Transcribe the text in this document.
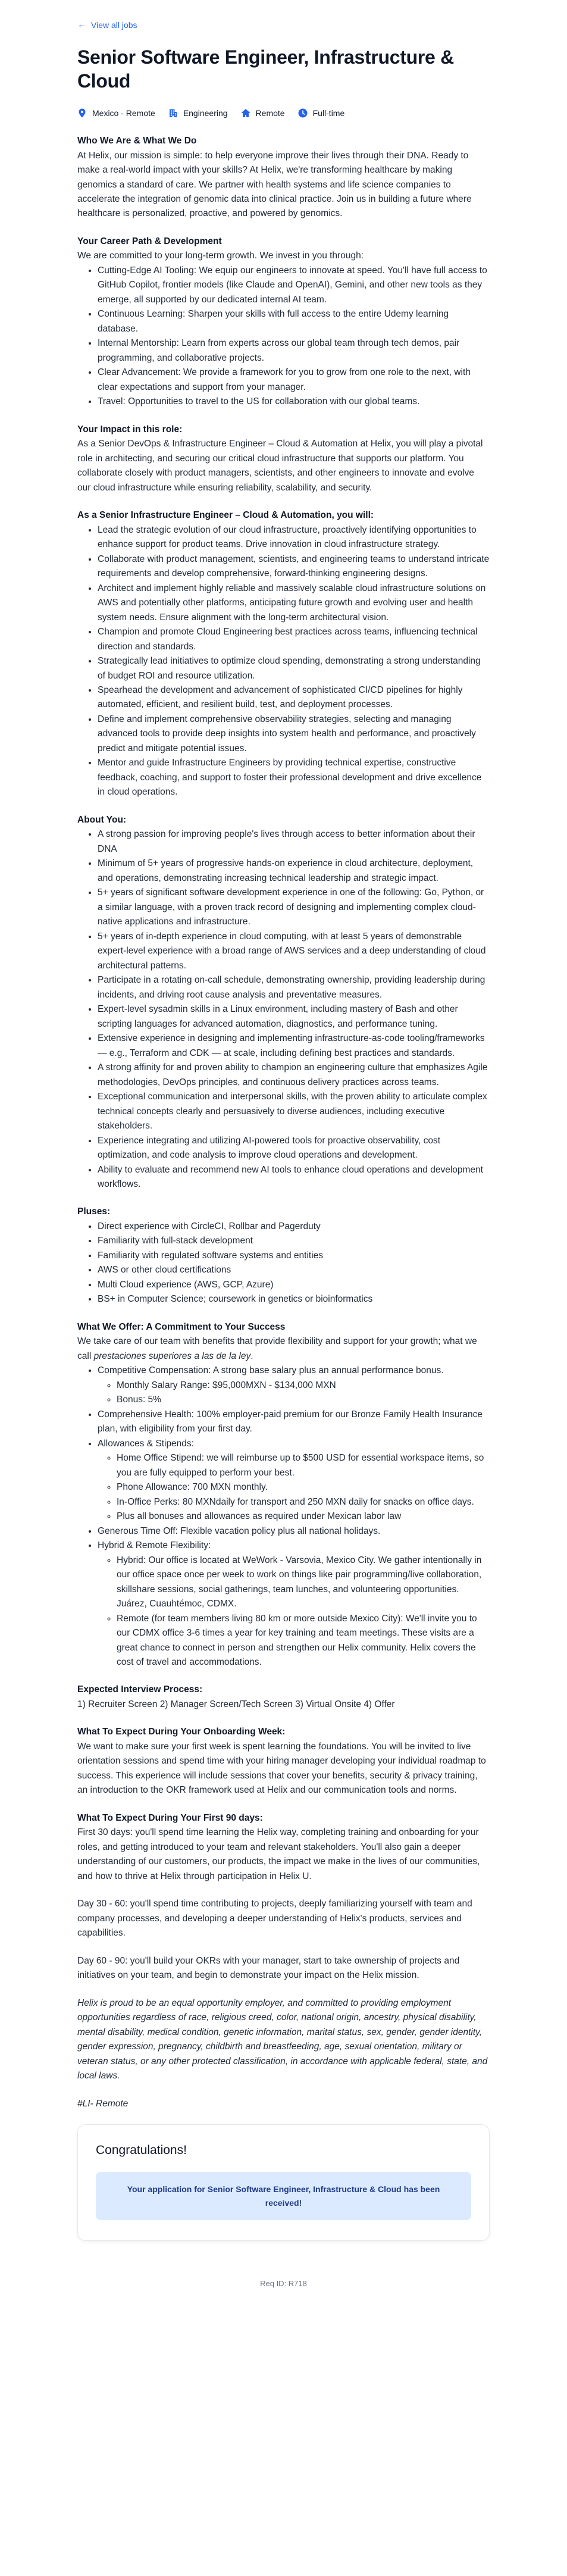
← View all jobs
Senior Software Engineer, Infrastructure & Cloud
Mexico - Remote	Engineering	Remote	Full-time
Who We Are & What We Do

At Helix, our mission is simple: to help everyone improve their lives through their DNA. Ready to make a real-world impact with your skills? At Helix, we're transforming healthcare by making genomics a standard of care. We partner with health systems and life science companies to accelerate the integration of genomic data into clinical practice. Join us in building a future where healthcare is personalized, proactive, and powered by genomics.

Your Career Path & Development

We are committed to your long-term growth. We invest in you through:

• Cutting-Edge AI Tooling: We equip our engineers to innovate at speed. You'll have full access to GitHub Copilot, frontier models (like Claude and OpenAI), Gemini, and other new tools as they emerge, all supported by our dedicated internal AI team.
• Continuous Learning: Sharpen your skills with full access to the entire Udemy learning database.
• Internal Mentorship: Learn from experts across our global team through tech demos, pair programming, and collaborative projects.
• Clear Advancement: We provide a framework for you to grow from one role to the next, with clear expectations and support from your manager.
• Travel: Opportunities to travel to the US for collaboration with our global teams.
Your Impact in this role:

As a Senior DevOps & Infrastructure Engineer – Cloud & Automation at Helix, you will play a pivotal role in architecting, and securing our critical cloud infrastructure that supports our platform. You collaborate closely with product managers, scientists, and other engineers to innovate and evolve our cloud infrastructure while ensuring reliability, scalability, and security.

As a Senior Infrastructure Engineer – Cloud & Automation, you will:
• Lead the strategic evolution of our cloud infrastructure, proactively identifying opportunities to enhance support for product teams. Drive innovation in cloud infrastructure strategy.
• Collaborate with product management, scientists, and engineering teams to understand intricate requirements and develop comprehensive, forward-thinking engineering designs.
• Architect and implement highly reliable and massively scalable cloud infrastructure solutions on AWS and potentially other platforms, anticipating future growth and evolving user and health system needs. Ensure alignment with the long-term architectural vision.
• Champion and promote Cloud Engineering best practices across teams, influencing technical direction and standards.
• Strategically lead initiatives to optimize cloud spending, demonstrating a strong understanding of budget ROI and resource utilization.
• Spearhead the development and advancement of sophisticated CI/CD pipelines for highly automated, efficient, and resilient build, test, and deployment processes.
• Define and implement comprehensive observability strategies, selecting and managing advanced tools to provide deep insights into system health and performance, and proactively predict and mitigate potential issues.
• Mentor and guide Infrastructure Engineers by providing technical expertise, constructive feedback, coaching, and support to foster their professional development and drive excellence in cloud operations.
About You:
• A strong passion for improving people's lives through access to better information about their DNA
• Minimum of 5+ years of progressive hands-on experience in cloud architecture, deployment, and operations, demonstrating increasing technical leadership and strategic impact.
• 5+ years of significant software development experience in one of the following: Go, Python, or a similar language, with a proven track record of designing and implementing complex cloud-native applications and infrastructure.
• 5+ years of in-depth experience in cloud computing, with at least 5 years of demonstrable expert-level experience with a broad range of AWS services and a deep understanding of cloud architectural patterns.
• Participate in a rotating on-call schedule, demonstrating ownership, providing leadership during incidents, and driving root cause analysis and preventative measures.
• Expert-level sysadmin skills in a Linux environment, including mastery of Bash and other scripting languages for advanced automation, diagnostics, and performance tuning.
• Extensive experience in designing and implementing infrastructure-as-code tooling/frameworks — e.g., Terraform and CDK — at scale, including defining best practices and standards.
• A strong affinity for and proven ability to champion an engineering culture that emphasizes Agile methodologies, DevOps principles, and continuous delivery practices across teams.
• Exceptional communication and interpersonal skills, with the proven ability to articulate complex technical concepts clearly and persuasively to diverse audiences, including executive stakeholders.
• Experience integrating and utilizing AI-powered tools for proactive observability, cost optimization, and code analysis to improve cloud operations and development.
• Ability to evaluate and recommend new AI tools to enhance cloud operations and development workflows.
Pluses:
• Direct experience with CircleCI, Rollbar and Pagerduty
• Familiarity with full-stack development
• Familiarity with regulated software systems and entities
• AWS or other cloud certifications
• Multi Cloud experience (AWS, GCP, Azure)
• BS+ in Computer Science; coursework in genetics or bioinformatics
What We Offer: A Commitment to Your Success

We take care of our team with benefits that provide flexibility and support for your growth; what we call prestaciones superiores a las de la ley.

• Competitive Compensation: A strong base salary plus an annual performance bonus.
◦ Monthly Salary Range: $95,000MXN - $134,000 MXN
◦ Bonus: 5%
• Comprehensive Health: 100% employer-paid premium for our Bronze Family Health Insurance plan, with eligibility from your first day.
• Allowances & Stipends:
◦ Home Office Stipend: we will reimburse up to $500 USD for essential workspace items, so you are fully equipped to perform your best.
◦ Phone Allowance: 700 MXN monthly.
◦ In-Office Perks: 80 MXNdaily for transport and 250 MXN daily for snacks on office days.
◦ Plus all bonuses and allowances as required under Mexican labor law
• Generous Time Off: Flexible vacation policy plus all national holidays.
• Hybrid & Remote Flexibility:
◦ Hybrid: Our office is located at WeWork - Varsovia, Mexico City. We gather intentionally in our office space once per week to work on things like pair programming/live collaboration, skillshare sessions, social gatherings, team lunches, and volunteering opportunities. Juárez, Cuauhtémoc, CDMX.
◦ Remote (for team members living 80 km or more outside Mexico City): We'll invite you to our CDMX office 3-6 times a year for key training and team meetings. These visits are a great chance to connect in person and strengthen our Helix community. Helix covers the cost of travel and accommodations.
Expected Interview Process:

1) Recruiter Screen 2) Manager Screen/Tech Screen 3) Virtual Onsite 4) Offer

What To Expect During Your Onboarding Week:

We want to make sure your first week is spent learning the foundations. You will be invited to live orientation sessions and spend time with your hiring manager developing your individual roadmap to success. This experience will include sessions that cover your benefits, security & privacy training, an introduction to the OKR framework used at Helix and our communication tools and norms.

What To Expect During Your First 90 days:

First 30 days: you'll spend time learning the Helix way, completing training and onboarding for your roles, and getting introduced to your team and relevant stakeholders. You'll also gain a deeper understanding of our customers, our products, the impact we make in the lives of our communities, and how to thrive at Helix through participation in Helix U.

Day 30 - 60: you'll spend time contributing to projects, deeply familiarizing yourself with team and company processes, and developing a deeper understanding of Helix's products, services and capabilities.

Day 60 - 90: you'll build your OKRs with your manager, start to take ownership of projects and initiatives on your team, and begin to demonstrate your impact on the Helix mission.

Helix is proud to be an equal opportunity employer, and committed to providing employment opportunities regardless of race, religious creed, color, national origin, ancestry, physical disability, mental disability, medical condition, genetic information, marital status, sex, gender, gender identity, gender expression, pregnancy, childbirth and breastfeeding, age, sexual orientation, military or veteran status, or any other protected classification, in accordance with applicable federal, state, and local laws.

#LI- Remote

Congratulations!
Your application for Senior Software Engineer, Infrastructure & Cloud has been received!
Req ID: R718
